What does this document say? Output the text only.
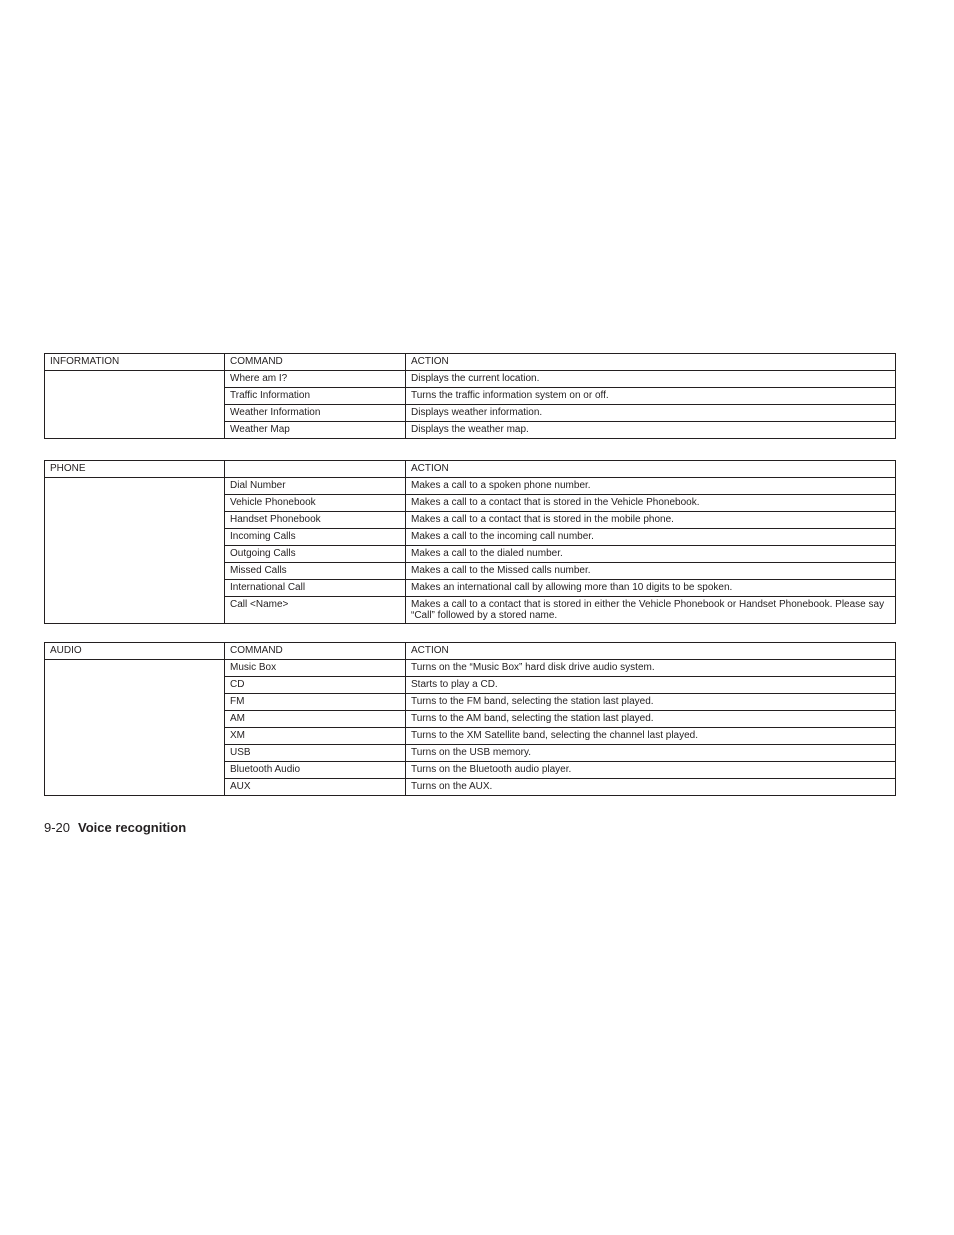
INFORMATION	COMMAND	ACTION
	Where am I?	Displays the current location.
	Traffic Information	Turns the traffic information system on or off.
	Weather Information	Displays weather information.
	Weather Map	Displays the weather map.
PHONE		ACTION
	Dial Number	Makes a call to a spoken phone number.
	Vehicle Phonebook	Makes a call to a contact that is stored in the Vehicle Phonebook.
	Handset Phonebook	Makes a call to a contact that is stored in the mobile phone.
	Incoming Calls	Makes a call to the incoming call number.
	Outgoing Calls	Makes a call to the dialed number.
	Missed Calls	Makes a call to the Missed calls number.
	International Call	Makes an international call by allowing more than 10 digits to be spoken.
	Call <Name>	Makes a call to a contact that is stored in either the Vehicle Phonebook or Handset Phonebook. Please say “Call” followed by a stored name.
AUDIO	COMMAND	ACTION
	Music Box	Turns on the “Music Box” hard disk drive audio system.
	CD	Starts to play a CD.
	FM	Turns to the FM band, selecting the station last played.
	AM	Turns to the AM band, selecting the station last played.
	XM	Turns to the XM Satellite band, selecting the channel last played.
	USB	Turns on the USB memory.
	Bluetooth Audio	Turns on the Bluetooth audio player.
	AUX	Turns on the AUX.
9-20 Voice recognition
